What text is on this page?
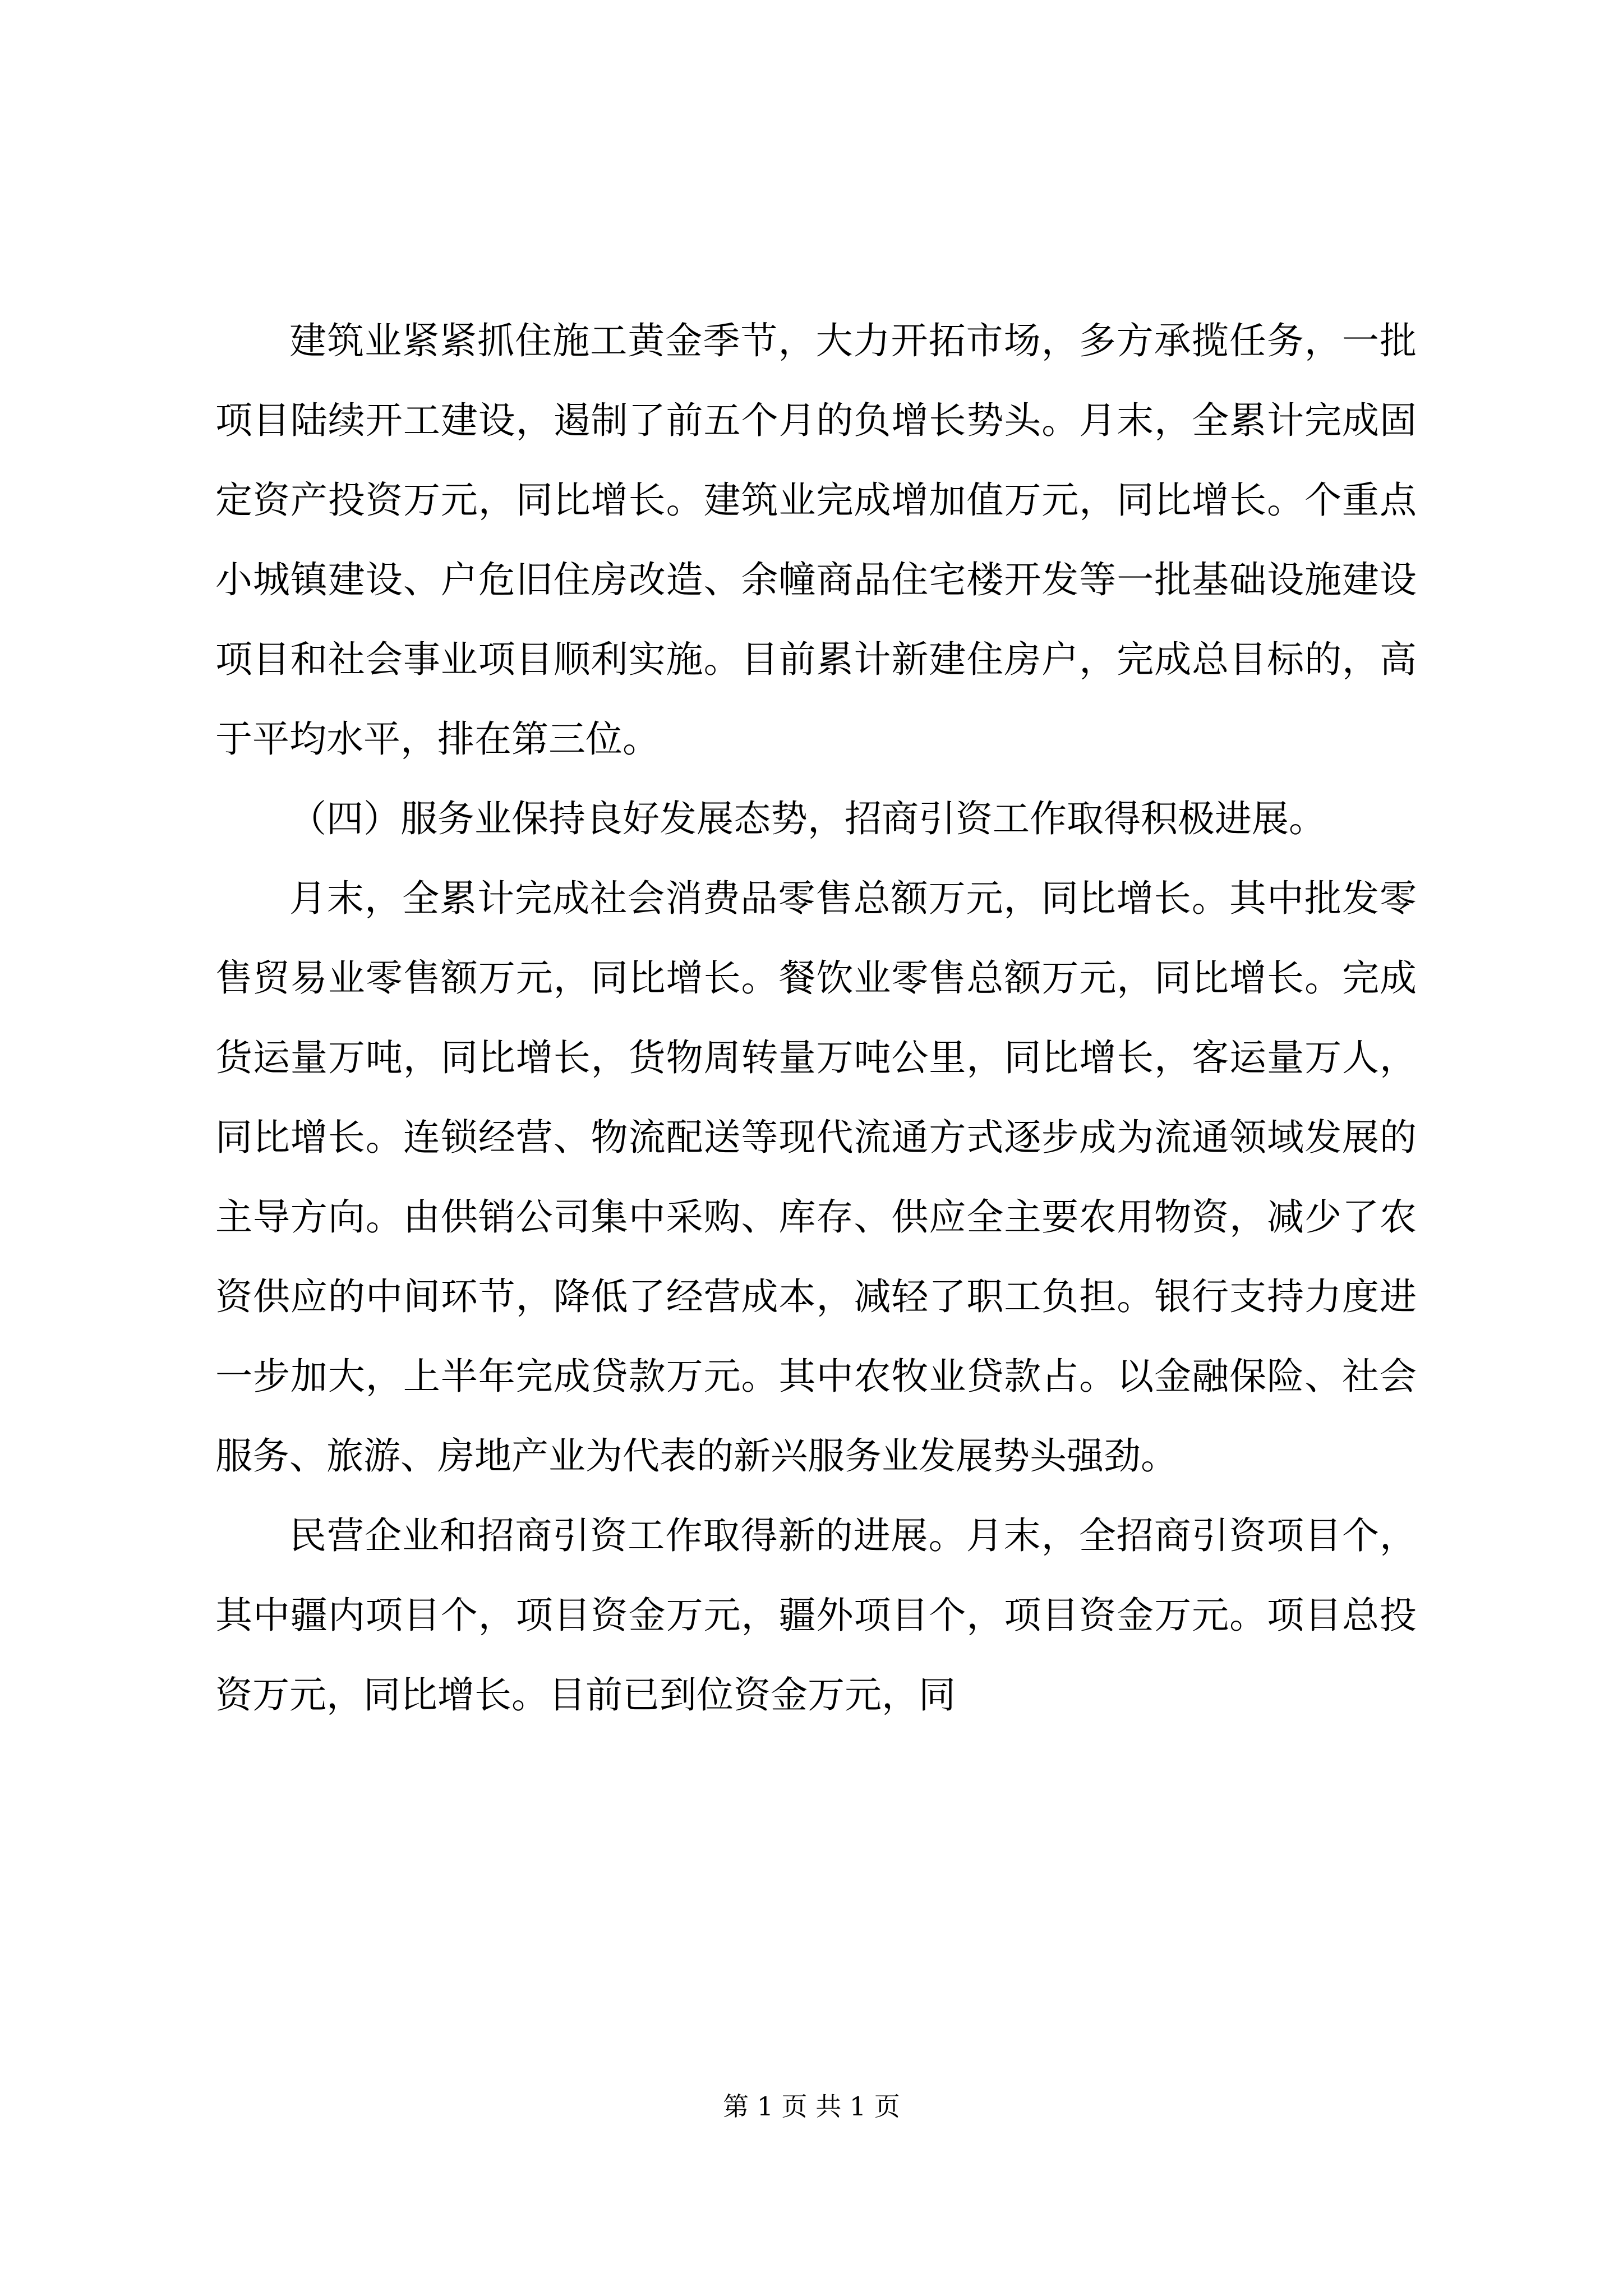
建筑业紧紧抓住施工黄金季节，大力开拓市场，多方承揽任务，一批项目陆续开工建设，遏制了前五个月的负增长势头。月末，全累计完成固定资产投资万元，同比增长。建筑业完成增加值万元，同比增长。个重点小城镇建设、户危旧住房改造、余幢商品住宅楼开发等一批基础设施建设项目和社会事业项目顺利实施。目前累计新建住房户，完成总目标的，高于平均水平，排在第三位。

（四）服务业保持良好发展态势，招商引资工作取得积极进展。

月末，全累计完成社会消费品零售总额万元，同比增长。其中批发零售贸易业零售额万元，同比增长。餐饮业零售总额万元，同比增长。完成货运量万吨，同比增长，货物周转量万吨公里，同比增长，客运量万人，同比增长。连锁经营、物流配送等现代流通方式逐步成为流通领域发展的主导方向。由供销公司集中采购、库存、供应全主要农用物资，减少了农资供应的中间环节，降低了经营成本，减轻了职工负担。银行支持力度进一步加大，上半年完成贷款万元。其中农牧业贷款占。以金融保险、社会服务、旅游、房地产业为代表的新兴服务业发展势头强劲。

民营企业和招商引资工作取得新的进展。月末，全招商引资项目个，其中疆内项目个，项目资金万元，疆外项目个，项目资金万元。项目总投资万元，同比增长。目前已到位资金万元，同

第 1 页 共 1 页
